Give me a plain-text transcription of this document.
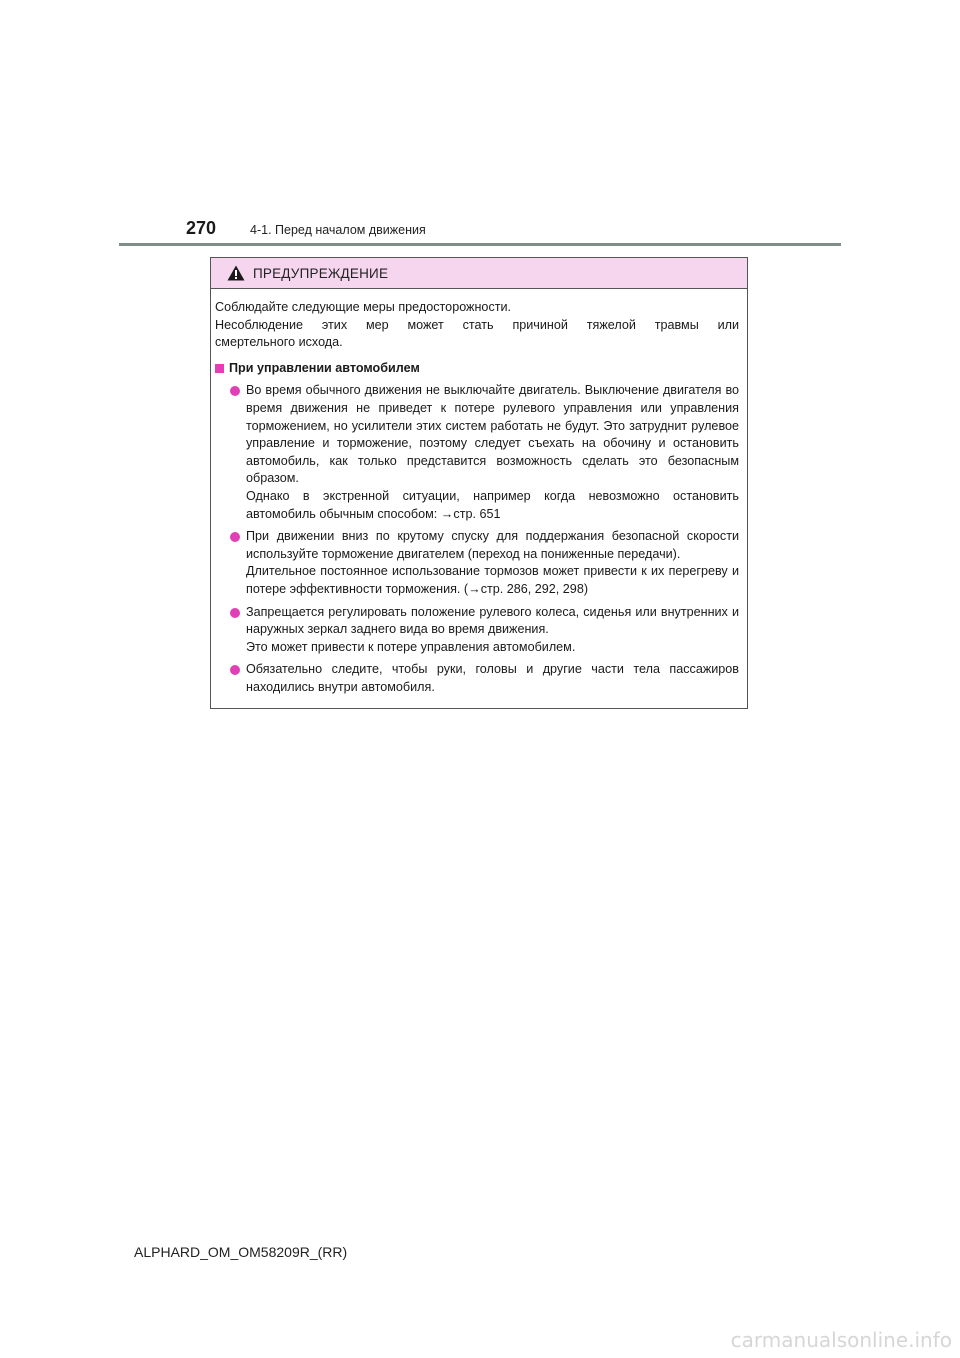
270	4-1. Перед началом движения
ПРЕДУПРЕЖДЕНИЕ

Соблюдайте следующие меры предосторожности.

Несоблюдение этих мер может стать причиной тяжелой травмы или

смертельного исхода.

При управлении автомобилем

Во время обычного движения не выключайте двигатель. Выключение двигателя во время движения не приведет к потере рулевого управления или управления торможением, но усилители этих систем работать не будут. Это затруднит рулевое управление и торможение, поэтому следует съехать на обочину и остановить автомобиль, как только представится возможность сделать это безопасным образом.

Однако в экстренной ситуации, например когда невозможно остановить автомобиль обычным способом: →стр. 651

При движении вниз по крутому спуску для поддержания безопасной скорости используйте торможение двигателем (переход на пониженные передачи).

Длительное постоянное использование тормозов может привести к их перегреву и потере эффективности торможения. (→стр. 286, 292, 298)

Запрещается регулировать положение рулевого колеса, сиденья или внутренних и наружных зеркал заднего вида во время движения.

Это может привести к потере управления автомобилем.

Обязательно следите, чтобы руки, головы и другие части тела пассажиров находились внутри автомобиля.

ALPHARD_OM_OM58209R_(RR)
carmanualsonline.info
